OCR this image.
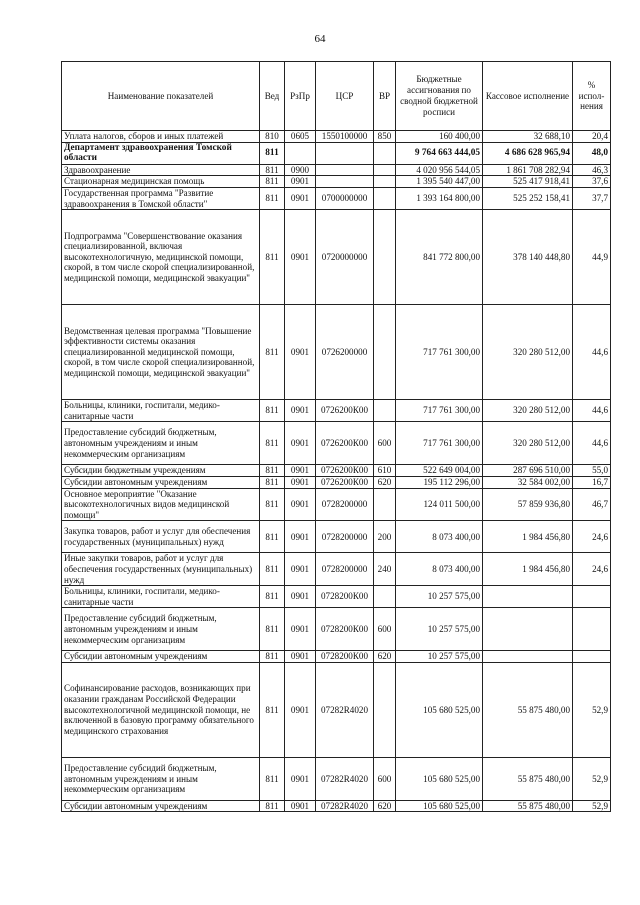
64
Наименование показателей	Вед	РзПр	ЦСР	ВР	Бюджетные ассигнования по сводной бюджетной росписи	Кассовое исполнение	% испол-нения
Уплата налогов, сборов и иных платежей	810	0605	1550100000	850	160 400,00	32 688,10	20,4
Департамент здравоохранения Томской области	811				9 764 663 444,05	4 686 628 965,94	48,0
Здравоохранение	811	0900			4 020 956 544,05	1 861 708 282,94	46,3
Стационарная медицинская помощь	811	0901			1 395 540 447,00	525 417 918,41	37,6
Государственная программа "Развитие здравоохранения в Томской области"	811	0901	0700000000		1 393 164 800,00	525 252 158,41	37,7
Подпрограмма "Совершенствование оказания специализированной, включая высокотехнологичную, медицинской помощи, скорой, в том числе скорой специализированной, медицинской помощи, медицинской эвакуации"	811	0901	0720000000		841 772 800,00	378 140 448,80	44,9
Ведомственная целевая программа "Повышение эффективности системы оказания специализированной медицинской помощи, скорой, в том числе скорой специализированной, медицинской помощи, медицинской эвакуации"	811	0901	0726200000		717 761 300,00	320 280 512,00	44,6
Больницы, клиники, госпитали, медико-санитарные части	811	0901	0726200К00		717 761 300,00	320 280 512,00	44,6
Предоставление субсидий бюджетным, автономным учреждениям и иным некоммерческим организациям	811	0901	0726200К00	600	717 761 300,00	320 280 512,00	44,6
Субсидии бюджетным учреждениям	811	0901	0726200К00	610	522 649 004,00	287 696 510,00	55,0
Субсидии автономным учреждениям	811	0901	0726200К00	620	195 112 296,00	32 584 002,00	16,7
Основное мероприятие "Оказание высокотехнологичных видов медицинской помощи"	811	0901	0728200000		124 011 500,00	57 859 936,80	46,7
Закупка товаров, работ и услуг для обеспечения государственных (муниципальных) нужд	811	0901	0728200000	200	8 073 400,00	1 984 456,80	24,6
Иные закупки товаров, работ и услуг для обеспечения государственных (муниципальных) нужд	811	0901	0728200000	240	8 073 400,00	1 984 456,80	24,6
Больницы, клиники, госпитали, медико-санитарные части	811	0901	0728200К00		10 257 575,00		
Предоставление субсидий бюджетным, автономным учреждениям и иным некоммерческим организациям	811	0901	0728200К00	600	10 257 575,00		
Субсидии автономным учреждениям	811	0901	0728200К00	620	10 257 575,00		
Софинансирование расходов, возникающих при оказании гражданам Российской Федерации высокотехнологичной медицинской помощи, не включенной в базовую программу обязательного медицинского страхования	811	0901	07282R4020		105 680 525,00	55 875 480,00	52,9
Предоставление субсидий бюджетным, автономным учреждениям и иным некоммерческим организациям	811	0901	07282R4020	600	105 680 525,00	55 875 480,00	52,9
Субсидии автономным учреждениям	811	0901	07282R4020	620	105 680 525,00	55 875 480,00	52,9
